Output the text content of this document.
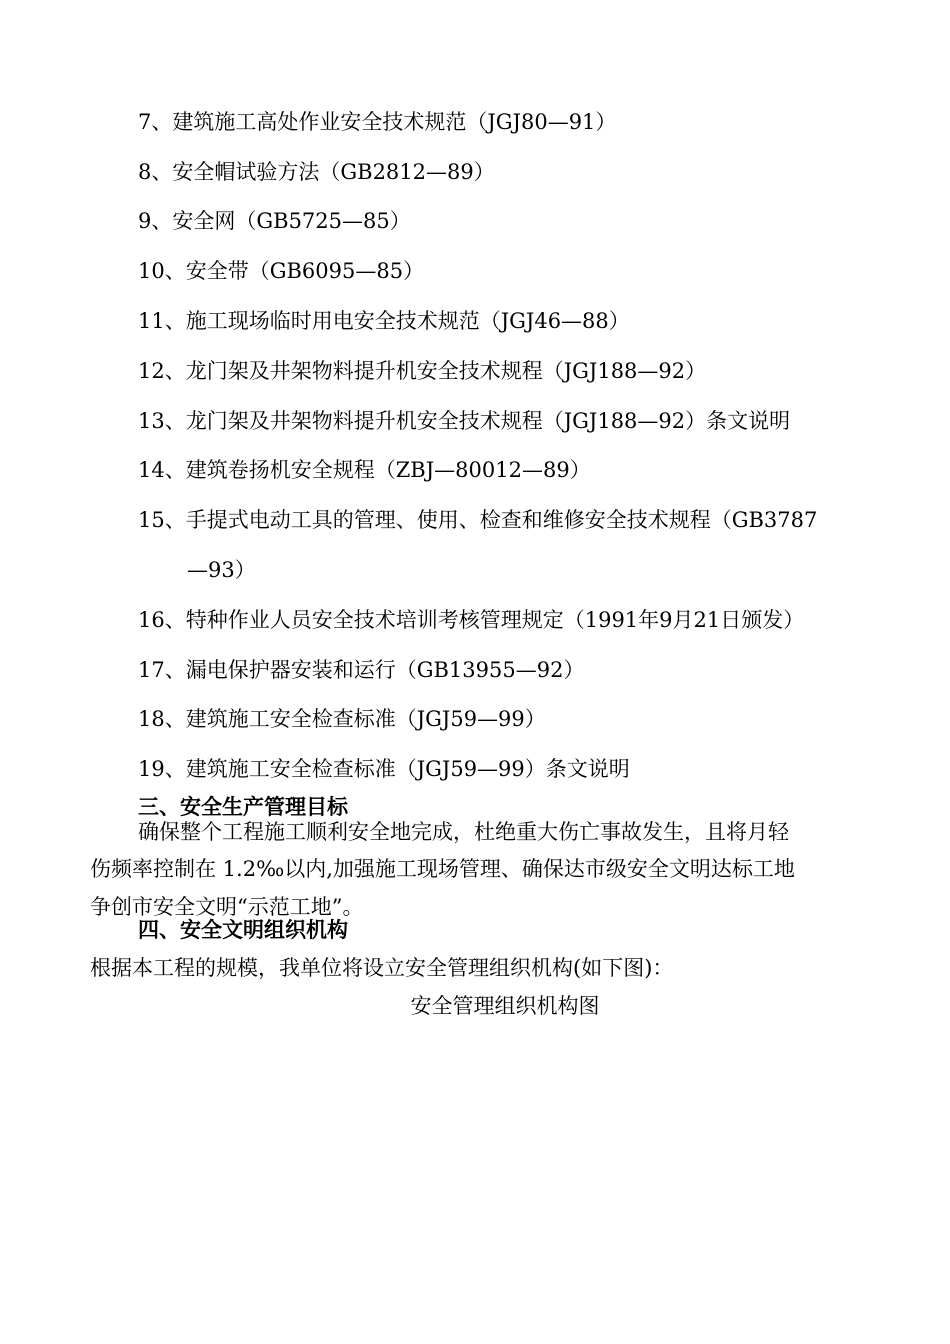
7、建筑施工高处作业安全技术规范（JGJ80—91）
8、安全帽试验方法（GB2812—89）
9、安全网（GB5725—85）
10、安全带（GB6095—85）
11、施工现场临时用电安全技术规范（JGJ46—88）
12、龙门架及井架物料提升机安全技术规程（JGJ188—92）
13、龙门架及井架物料提升机安全技术规程（JGJ188—92）条文说明
14、建筑卷扬机安全规程（ZBJ—80012—89）
15、手提式电动工具的管理、使用、检查和维修安全技术规程（GB3787
—93）
16、特种作业人员安全技术培训考核管理规定（1991年9月21日颁发）
17、漏电保护器安装和运行（GB13955—92）
18、建筑施工安全检查标准（JGJ59—99）
19、建筑施工安全检查标准（JGJ59—99）条文说明
三、安全生产管理目标
确保整个工程施工顺利安全地完成，杜绝重大伤亡事故发生，且将月轻
伤频率控制在 1.2‰以内,加强施工现场管理、确保达市级安全文明达标工地
争创市安全文明“示范工地”。
四、安全文明组织机构
根据本工程的规模，我单位将设立安全管理组织机构(如下图)：
安全管理组织机构图
